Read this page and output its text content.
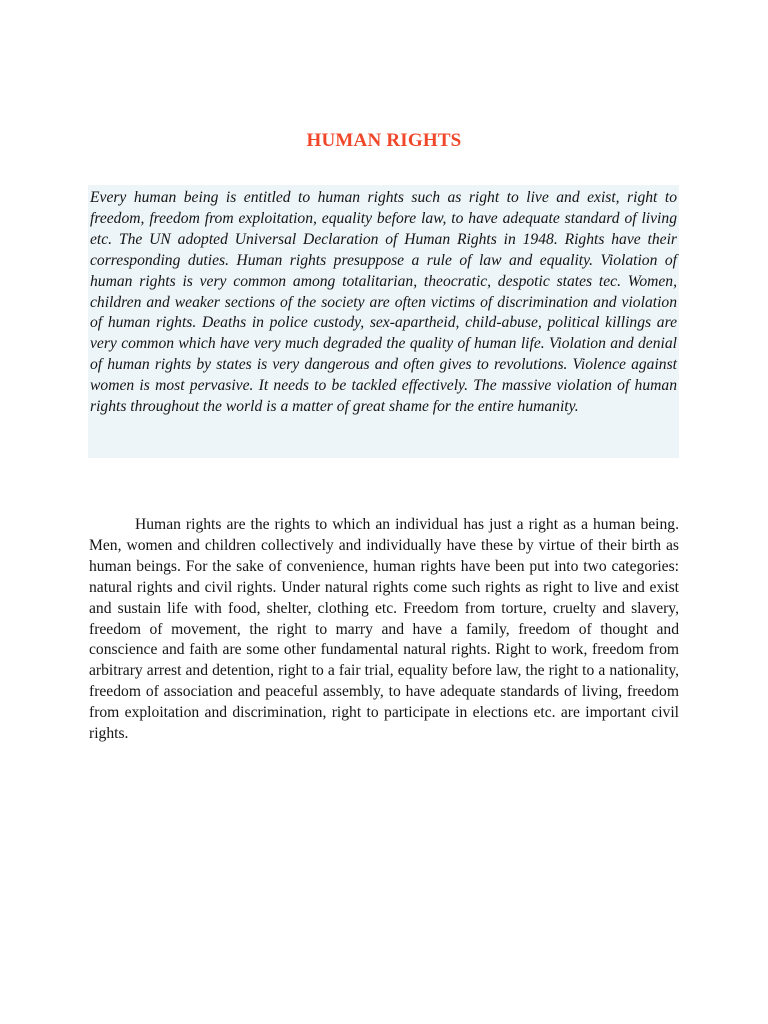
HUMAN RIGHTS

Every human being is entitled to human rights such as right to live and exist, right to freedom, freedom from exploitation, equality before law, to have adequate standard of living etc. The UN adopted Universal Declaration of Human Rights in 1948. Rights have their corresponding duties. Human rights presuppose a rule of law and equality. Violation of human rights is very common among totalitarian, theocratic, despotic states tec. Women, children and weaker sections of the society are often victims of discrimination and violation of human rights. Deaths in police custody, sex-apartheid, child-abuse, political killings are very common which have very much degraded the quality of human life. Violation and denial of human rights by states is very dangerous and often gives to revolutions. Violence against women is most pervasive. It needs to be tackled effectively. The massive violation of human rights throughout the world is a matter of great shame for the entire humanity.

Human rights are the rights to which an individual has just a right as a human being. Men, women and children collectively and individually have these by virtue of their birth as human beings. For the sake of convenience, human rights have been put into two categories: natural rights and civil rights. Under natural rights come such rights as right to live and exist and sustain life with food, shelter, clothing etc. Freedom from torture, cruelty and slavery, freedom of movement, the right to marry and have a family, freedom of thought and conscience and faith are some other fundamental natural rights. Right to work, freedom from arbitrary arrest and detention, right to a fair trial, equality before law, the right to a nationality, freedom of association and peaceful assembly, to have adequate standards of living, freedom from exploitation and discrimination, right to participate in elections etc. are important civil rights.
